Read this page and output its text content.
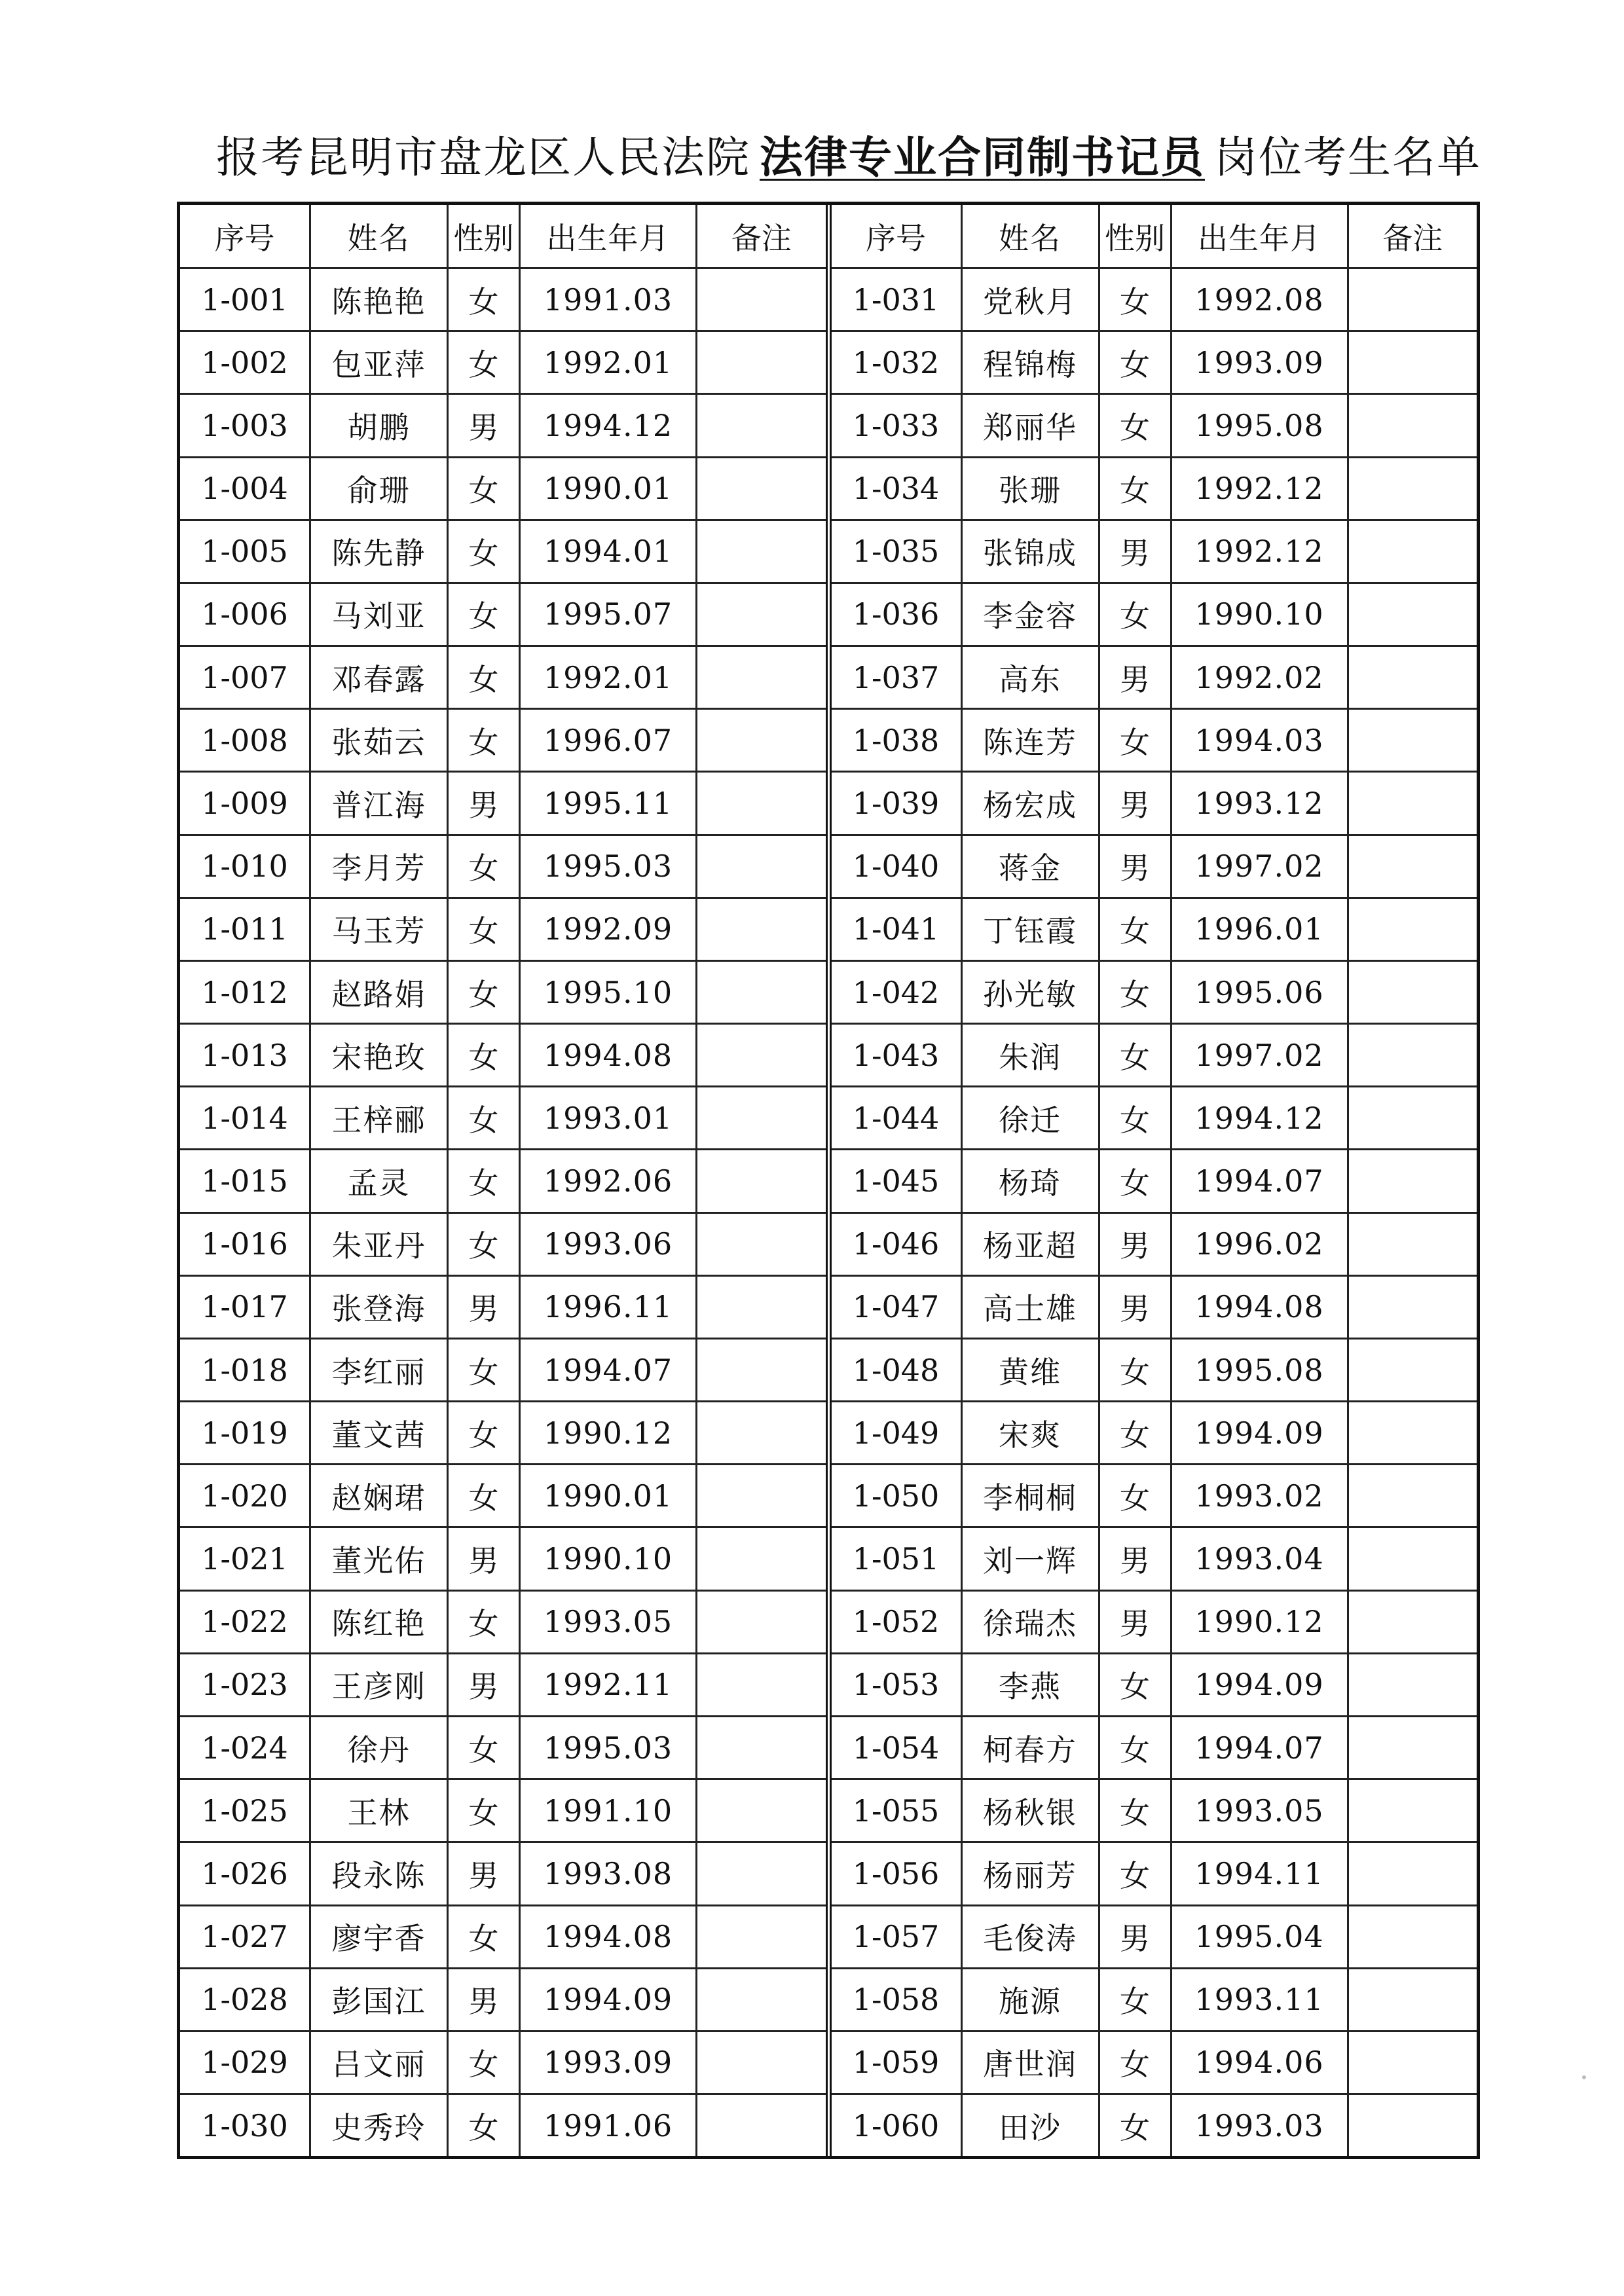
报考昆明市盘龙区人民法院 法律专业合同制书记员 岗位考生名单
序号	姓名	性别	出生年月	备注
1-001	陈艳艳	女	1991.03
1-002	包亚萍	女	1992.01
1-003	胡鹏	男	1994.12
1-004	俞珊	女	1990.01
1-005	陈先静	女	1994.01
1-006	马刘亚	女	1995.07
1-007	邓春露	女	1992.01
1-008	张茹云	女	1996.07
1-009	普江海	男	1995.11
1-010	李月芳	女	1995.03
1-011	马玉芳	女	1992.09
1-012	赵路娟	女	1995.10
1-013	宋艳玫	女	1994.08
1-014	王梓郦	女	1993.01
1-015	孟灵	女	1992.06
1-016	朱亚丹	女	1993.06
1-017	张登海	男	1996.11
1-018	李红丽	女	1994.07
1-019	董文茜	女	1990.12
1-020	赵娴珺	女	1990.01
1-021	董光佑	男	1990.10
1-022	陈红艳	女	1993.05
1-023	王彦刚	男	1992.11
1-024	徐丹	女	1995.03
1-025	王林	女	1991.10
1-026	段永陈	男	1993.08
1-027	廖宇香	女	1994.08
1-028	彭国江	男	1994.09
1-029	吕文丽	女	1993.09
1-030	史秀玲	女	1991.06
序号	姓名	性别	出生年月	备注
1-031	党秋月	女	1992.08
1-032	程锦梅	女	1993.09
1-033	郑丽华	女	1995.08
1-034	张珊	女	1992.12
1-035	张锦成	男	1992.12
1-036	李金容	女	1990.10
1-037	高东	男	1992.02
1-038	陈连芳	女	1994.03
1-039	杨宏成	男	1993.12
1-040	蒋金	男	1997.02
1-041	丁钰霞	女	1996.01
1-042	孙光敏	女	1995.06
1-043	朱润	女	1997.02
1-044	徐迁	女	1994.12
1-045	杨琦	女	1994.07
1-046	杨亚超	男	1996.02
1-047	高士雄	男	1994.08
1-048	黄维	女	1995.08
1-049	宋爽	女	1994.09
1-050	李桐桐	女	1993.02
1-051	刘一辉	男	1993.04
1-052	徐瑞杰	男	1990.12
1-053	李燕	女	1994.09
1-054	柯春方	女	1994.07
1-055	杨秋银	女	1993.05
1-056	杨丽芳	女	1994.11
1-057	毛俊涛	男	1995.04
1-058	施源	女	1993.11
1-059	唐世润	女	1994.06
1-060	田沙	女	1993.03
